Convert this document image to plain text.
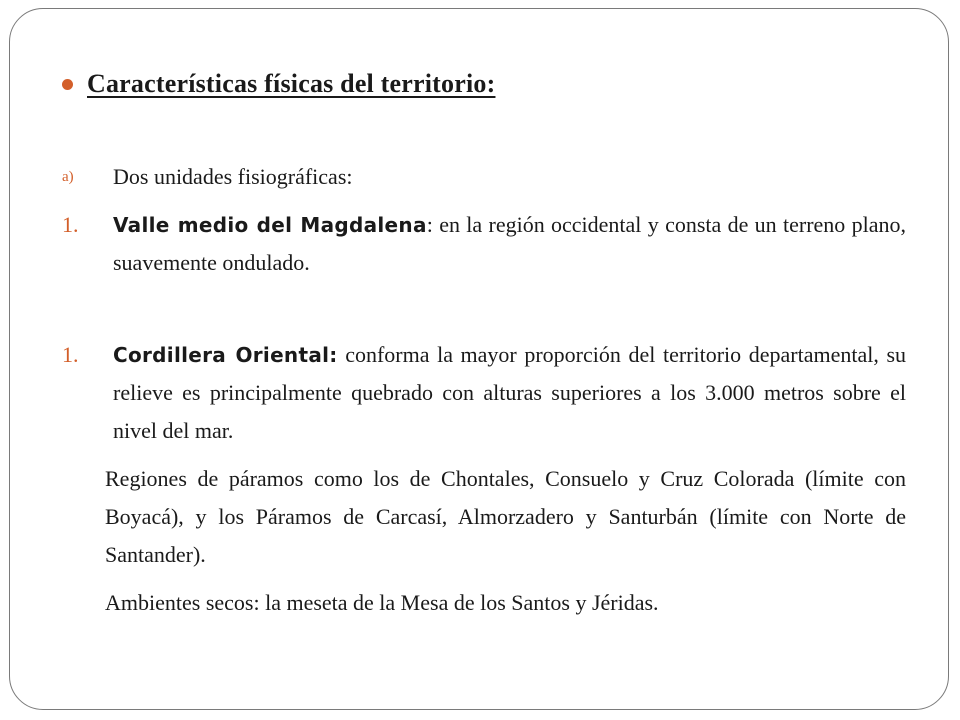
Características físicas del territorio:
a) Dos unidades fisiográficas:
1. Valle medio del Magdalena: en la región occidental y consta de un terreno plano, suavemente ondulado.
1. Cordillera Oriental: conforma la mayor proporción del territorio departamental, su relieve es principalmente quebrado con alturas superiores a los 3.000 metros sobre el nivel del mar.
Regiones de páramos como los de Chontales, Consuelo y Cruz Colorada (límite con Boyacá), y los Páramos de Carcasí, Almorzadero y Santurbán (límite con Norte de Santander).
Ambientes secos: la meseta de la Mesa de los Santos y Jéridas.
